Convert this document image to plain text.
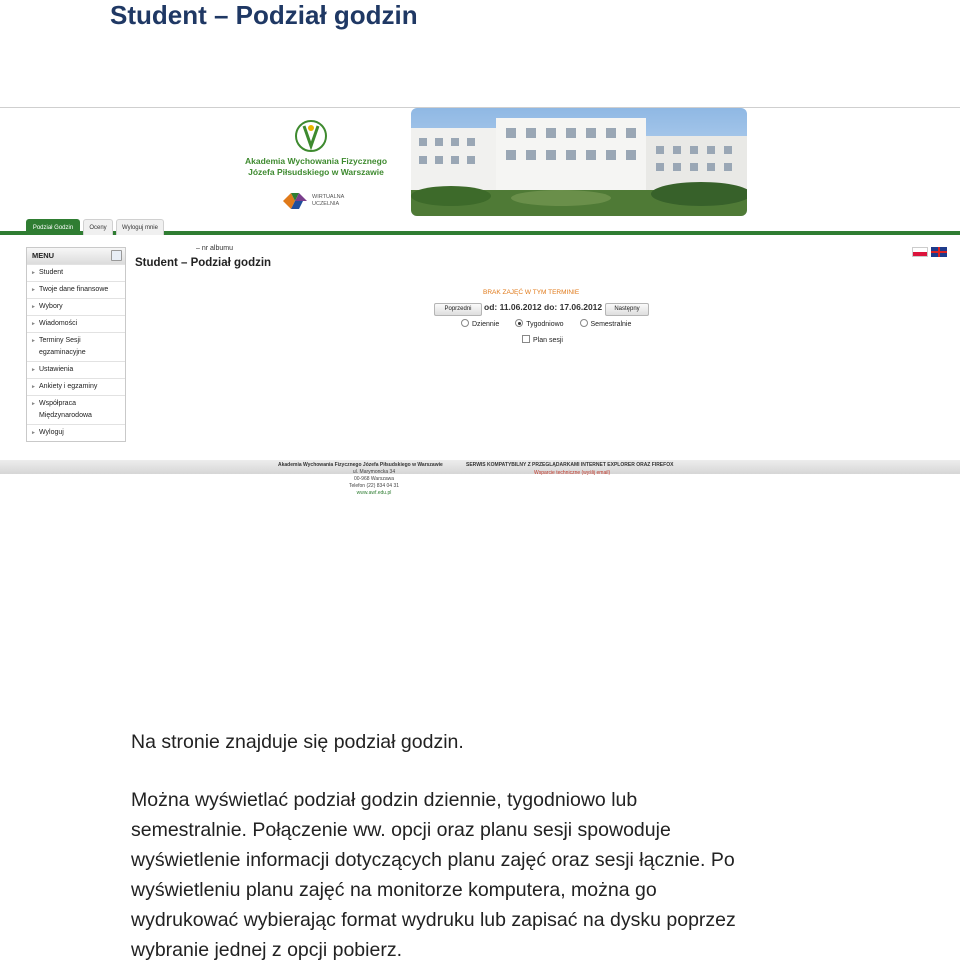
Student – Podział godzin
Akademia Wychowania Fizycznego
Józefa Piłsudskiego w Warszawie
WIRTUALNA
UCZELNIA
Podział Godzin	Oceny	Wyloguj mnie
MENU
► Student
► Twoje dane finansowe
► Wybory
► Wiadomości
► Terminy Sesji egzaminacyjne
► Ustawienia
► Ankiety i egzaminy
► Współpraca Międzynarodowa
► Wyloguj
– nr albumu
Student – Podział godzin
BRAK ZAJĘĆ W TYM TERMINIE
Poprzedni	od: 11.06.2012 do: 17.06.2012	Następny
Dziennie	Tygodniowo	Semestralnie
Plan sesji
Akademia Wychowania Fizycznego Józefa Piłsudskiego w Warszawie	SERWIS KOMPATYBILNY Z PRZEGLĄDARKAMI INTERNET EXPLORER ORAZ FIREFOX
Wsparcie techniczne (wyślij email)
ul. Marymoncka 34
00-968 Warszawa
Telefon (22) 834 04 31
www.awf.edu.pl
Na stronie znajduje się podział godzin.
Można wyświetlać podział godzin dziennie, tygodniowo lub
semestralnie. Połączenie ww. opcji oraz planu sesji spowoduje
wyświetlenie informacji dotyczących planu zajęć oraz sesji łącznie. Po
wyświetleniu planu zajęć na monitorze komputera, można go
wydrukować wybierając format wydruku lub zapisać na dysku poprzez
wybranie jednej z opcji pobierz.
